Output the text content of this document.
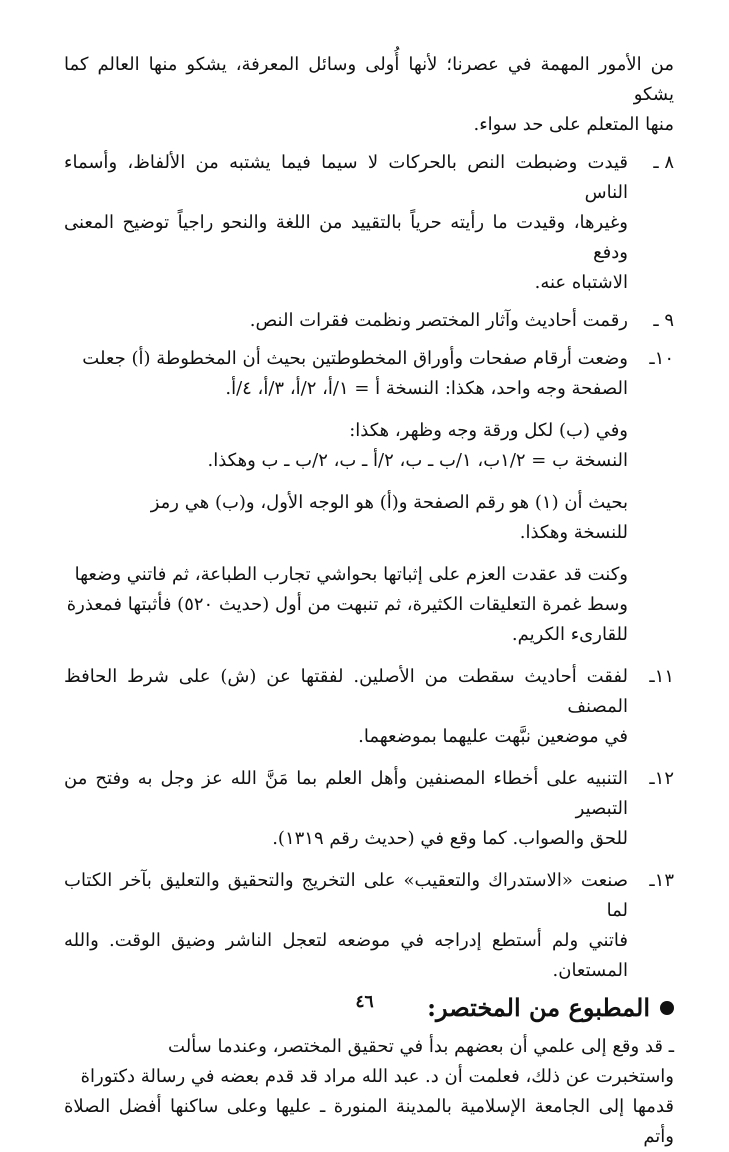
من الأمور المهمة في عصرنا؛ لأنها أُولى وسائل المعرفة، يشكو منها العالم كما يشكو
منها المتعلم على حد سواء.

٨ ـ
قيدت وضبطت النص بالحركات لا سيما فيما يشتبه من الألفاظ، وأسماء الناس
وغيرها، وقيدت ما رأيته حرياً بالتقييد من اللغة والنحو راجياً توضيح المعنى ودفع
الاشتباه عنه.
٩ ـ
رقمت أحاديث وآثار المختصر ونظمت فقرات النص.
١٠ـ
وضعت أرقام صفحات وأوراق المخطوطتين بحيث أن المخطوطة (أ) جعلت
الصفحة وجه واحد، هكذا: النسخة أ = ١/أ، ٢/أ، ٣/أ، ٤/أ.

وفي (ب) لكل ورقة وجه وظهر، هكذا:
النسخة ب = ١/٢ب، ١/ب ـ ب، ٢/أ ـ ب، ٢/ب ـ ب وهكذا.

بحيث أن (١) هو رقم الصفحة و(أ) هو الوجه الأول، و(ب) هي رمز
للنسخة وهكذا.

وكنت قد عقدت العزم على إثباتها بحواشي تجارب الطباعة، ثم فاتني وضعها
وسط غمرة التعليقات الكثيرة، ثم تنبهت من أول (حديث ٥٢٠) فأثبتها فمعذرة
للقارىء الكريم.

١١ـ
لفقت أحاديث سقطت من الأصلين. لفقتها عن (ش) على شرط الحافظ المصنف
في موضعين نبَّهت عليهما بموضعهما.
١٢ـ
التنبيه على أخطاء المصنفين وأهل العلم بما مَنَّ الله عز وجل به وفتح من التبصير
للحق والصواب. كما وقع في (حديث رقم ١٣١٩).
١٣ـ
صنعت «الاستدراك والتعقيب» على التخريج والتحقيق والتعليق بآخر الكتاب لما
فاتني ولم أستطع إدراجه في موضعه لتعجل الناشر وضيق الوقت. والله المستعان.
المطبوع من المختصر:

ـ قد وقع إلى علمي أن بعضهم بدأ في تحقيق المختصر، وعندما سألت
واستخبرت عن ذلك، فعلمت أن د. عبد الله مراد قد قدم بعضه في رسالة دكتوراة
قدمها إلى الجامعة الإسلامية بالمدينة المنورة ـ عليها وعلى ساكنها أفضل الصلاة وأتم

٤٦
